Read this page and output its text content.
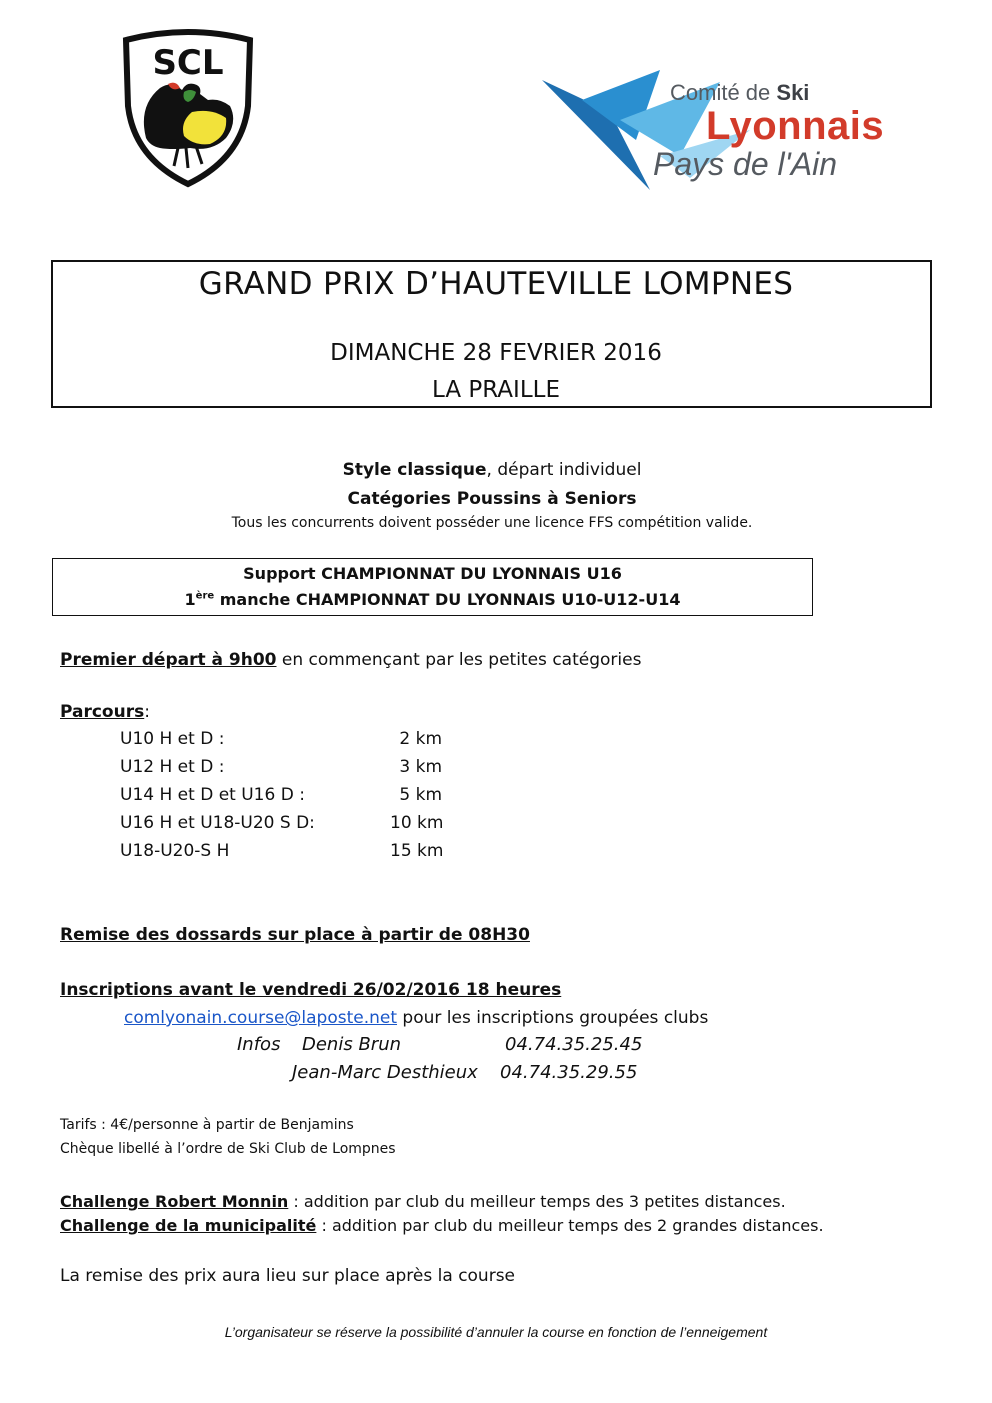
SCL
Comité de Ski
Lyonnais
Pays de l'Ain
GRAND PRIX D’HAUTEVILLE LOMPNES
DIMANCHE 28 FEVRIER 2016
LA PRAILLE
Style classique, départ individuel
Catégories Poussins à Seniors
Tous les concurrents doivent posséder une licence FFS compétition valide.
Support CHAMPIONNAT DU LYONNAIS U16
1ère manche CHAMPIONNAT DU LYONNAIS U10-U12-U14
Premier départ à 9h00 en commençant par les petites catégories
Parcours:
U10 H et D :	2 km
U12 H et D :	3 km
U14 H et D et U16 D :	5 km
U16 H et U18-U20 S D:	10 km
U18-U20-S H	15 km
Remise des dossards sur place à partir de 08H30
Inscriptions avant le vendredi 26/02/2016 18 heures
comlyonain.course@laposte.net pour les inscriptions groupées clubs
Infos Denis Brun	04.74.35.25.45
Jean-Marc Desthieux 04.74.35.29.55
Tarifs : 4€/personne à partir de Benjamins
Chèque libellé à l’ordre de Ski Club de Lompnes
Challenge Robert Monnin : addition par club du meilleur temps des 3 petites distances.
Challenge de la municipalité : addition par club du meilleur temps des 2 grandes distances.
La remise des prix aura lieu sur place après la course
L’organisateur se réserve la possibilité d’annuler la course en fonction de l’enneigement
